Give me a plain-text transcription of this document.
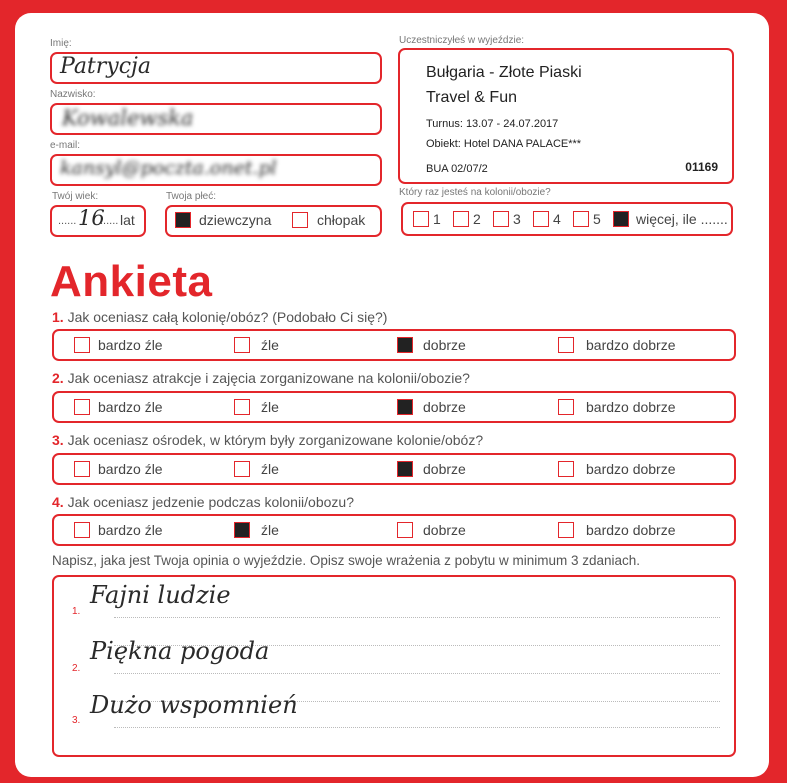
Imię:
Patrycja
Nazwisko:
Kowalewska
e-mail:
kansyl@poczta.onet.pl
Twój wiek:
...... 16
...... lat
Twoja płeć:
dziewczyna	chłopak
Uczestniczyłeś w wyjeździe:
Bułgaria - Złote Piaski
Travel & Fun
Turnus: 13.07 - 24.07.2017
Obiekt: Hotel DANA PALACE***
BUA 02/07/2	01169
Który raz jesteś na kolonii/obozie?
1 2 3 4 5	więcej, ile .......
Ankieta
1. Jak oceniasz całą kolonię/obóz? (Podobało Ci się?)
bardzo źle	źle	dobrze	bardzo dobrze
2. Jak oceniasz atrakcje i zajęcia zorganizowane na kolonii/obozie?
bardzo źle	źle	dobrze	bardzo dobrze
3. Jak oceniasz ośrodek, w którym były zorganizowane kolonie/obóz?
bardzo źle	źle	dobrze	bardzo dobrze
4. Jak oceniasz jedzenie podczas kolonii/obozu?
bardzo źle	źle	dobrze	bardzo dobrze
Napisz, jaka jest Twoja opinia o wyjeździe. Opisz swoje wrażenia z pobytu w minimum 3 zdaniach.
1.
Fajni ludzie
2.
Piękna pogoda
3.
Dużo wspomnień
